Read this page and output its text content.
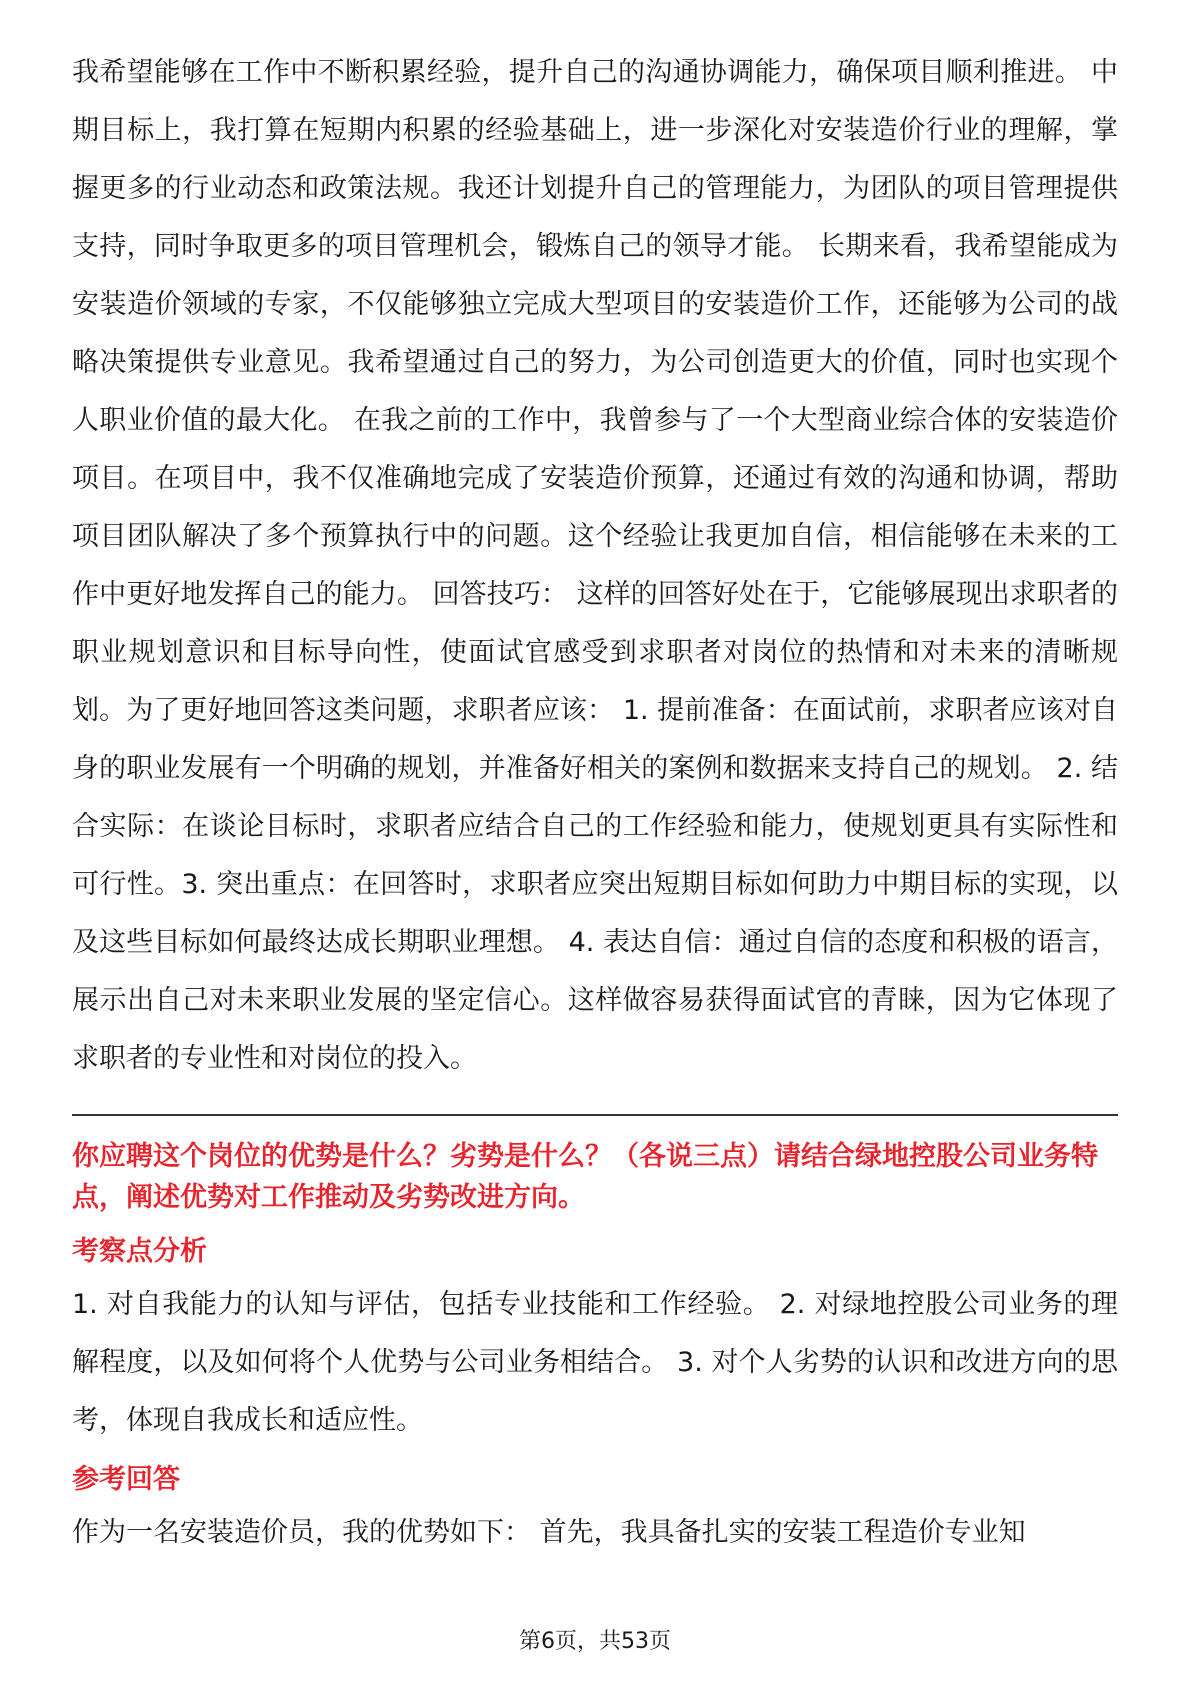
我希望能够在工作中不断积累经验，提升自己的沟通协调能力，确保项目顺利推进。 中期目标上，我打算在短期内积累的经验基础上，进一步深化对安装造价行业的理解，掌握更多的行业动态和政策法规。我还计划提升自己的管理能力，为团队的项目管理提供支持，同时争取更多的项目管理机会，锻炼自己的领导才能。 长期来看，我希望能成为安装造价领域的专家，不仅能够独立完成大型项目的安装造价工作，还能够为公司的战略决策提供专业意见。我希望通过自己的努力，为公司创造更大的价值，同时也实现个人职业价值的最大化。 在我之前的工作中，我曾参与了一个大型商业综合体的安装造价项目。在项目中，我不仅准确地完成了安装造价预算，还通过有效的沟通和协调，帮助项目团队解决了多个预算执行中的问题。这个经验让我更加自信，相信能够在未来的工作中更好地发挥自己的能力。 回答技巧： 这样的回答好处在于，它能够展现出求职者的职业规划意识和目标导向性，使面试官感受到求职者对岗位的热情和对未来的清晰规划。为了更好地回答这类问题，求职者应该： 1. 提前准备：在面试前，求职者应该对自身的职业发展有一个明确的规划，并准备好相关的案例和数据来支持自己的规划。 2. 结合实际：在谈论目标时，求职者应结合自己的工作经验和能力，使规划更具有实际性和可行性。3. 突出重点：在回答时，求职者应突出短期目标如何助力中期目标的实现，以及这些目标如何最终达成长期职业理想。 4. 表达自信：通过自信的态度和积极的语言，展示出自己对未来职业发展的坚定信心。这样做容易获得面试官的青睐，因为它体现了求职者的专业性和对岗位的投入。

你应聘这个岗位的优势是什么？劣势是什么？（各说三点）请结合绿地控股公司业务特点，阐述优势对工作推动及劣势改进方向。

考察点分析

1. 对自我能力的认知与评估，包括专业技能和工作经验。 2. 对绿地控股公司业务的理解程度，以及如何将个人优势与公司业务相结合。 3. 对个人劣势的认识和改进方向的思考，体现自我成长和适应性。

参考回答

作为一名安装造价员，我的优势如下： 首先，我具备扎实的安装工程造价专业知

第6页，共53页
